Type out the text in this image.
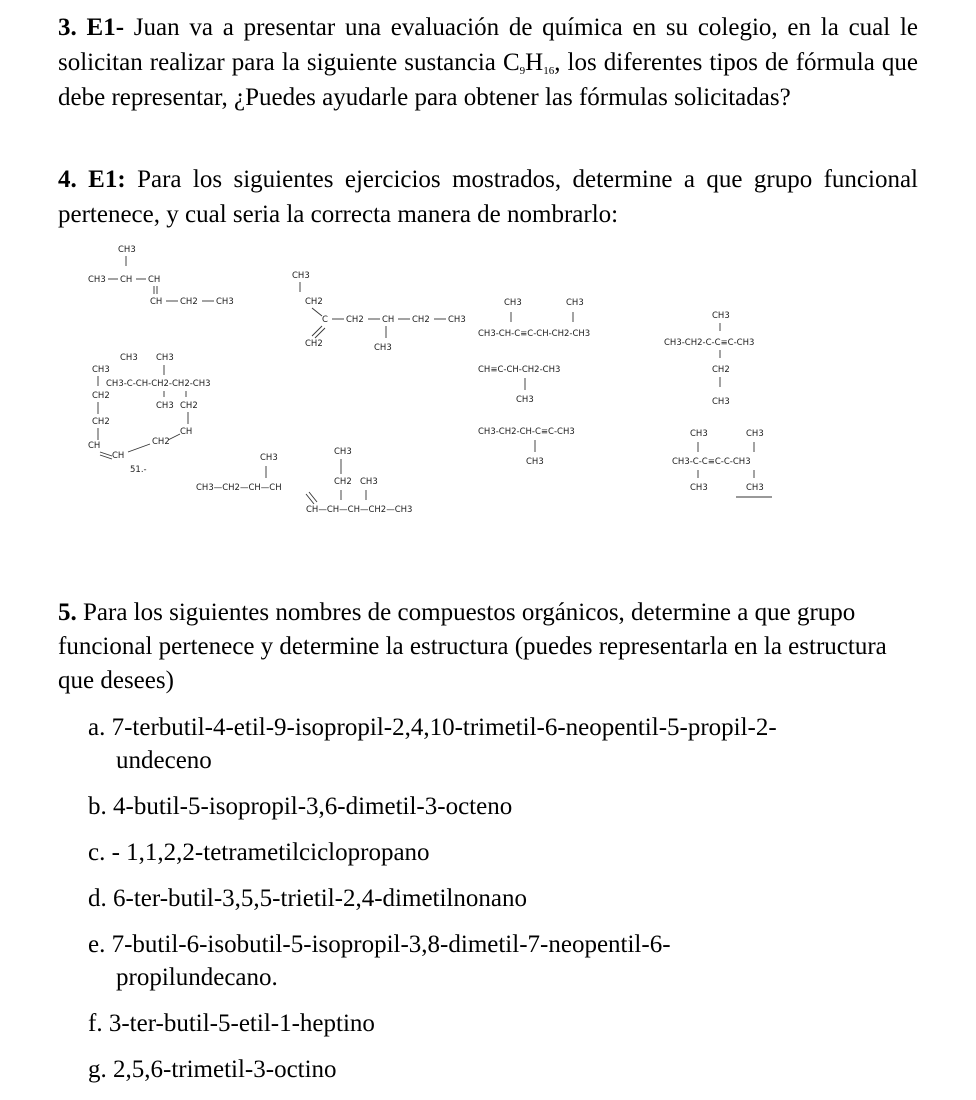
3. E1- Juan va a presentar una evaluación de química en su colegio, en la cual le solicitan realizar para la siguiente sustancia $C_9H_{16}$, los diferentes tipos de fórmula que debe representar, ¿Puedes ayudarle para obtener las fórmulas solicitadas?
4. E1: Para los siguientes ejercicios mostrados, determine a que grupo funcional pertenece, y cual seria la correcta manera de nombrarlo:
CH3
CH3 CH CH
CH CH2 CH3
CH3
CH2
C CH2 CH
CH3
CH2 CH3
CH2
CH3	CH3
CH3-CH-C≡C-CH-CH2-CH3
CH3
CH3-CH2-C-C≡C-CH3
CH2
CH3
CH3 CH3
CH3
CH3-C-CH-CH2-CH2-CH3
CH2
CH3 CH2
CH2
CH
CH
CH
CH2
51.-
CH3
CH3—CH2—CH—CH
CH3
CH2 CH3
CH—CH—CH—CH2—CH3
CH≡C-CH-CH2-CH3
CH3
CH3-CH2-CH-C≡C-CH3
CH3
CH3	CH3
CH3-C-C≡C-C-CH3
CH3	CH3
5. Para los siguientes nombres de compuestos orgánicos, determine a que grupo funcional pertenece y determine la estructura (puedes representarla en la estructura que desees)
a. 7-terbutil-4-etil-9-isopropil-2,4,10-trimetil-6-neopentil-5-propil-2-
undeceno
b. 4-butil-5-isopropil-3,6-dimetil-3-octeno
c. - 1,1,2,2-tetrametilciclopropano
d. 6-ter-butil-3,5,5-trietil-2,4-dimetilnonano
e. 7-butil-6-isobutil-5-isopropil-3,8-dimetil-7-neopentil-6-
propilundecano.
f. 3-ter-butil-5-etil-1-heptino
g. 2,5,6-trimetil-3-octino
